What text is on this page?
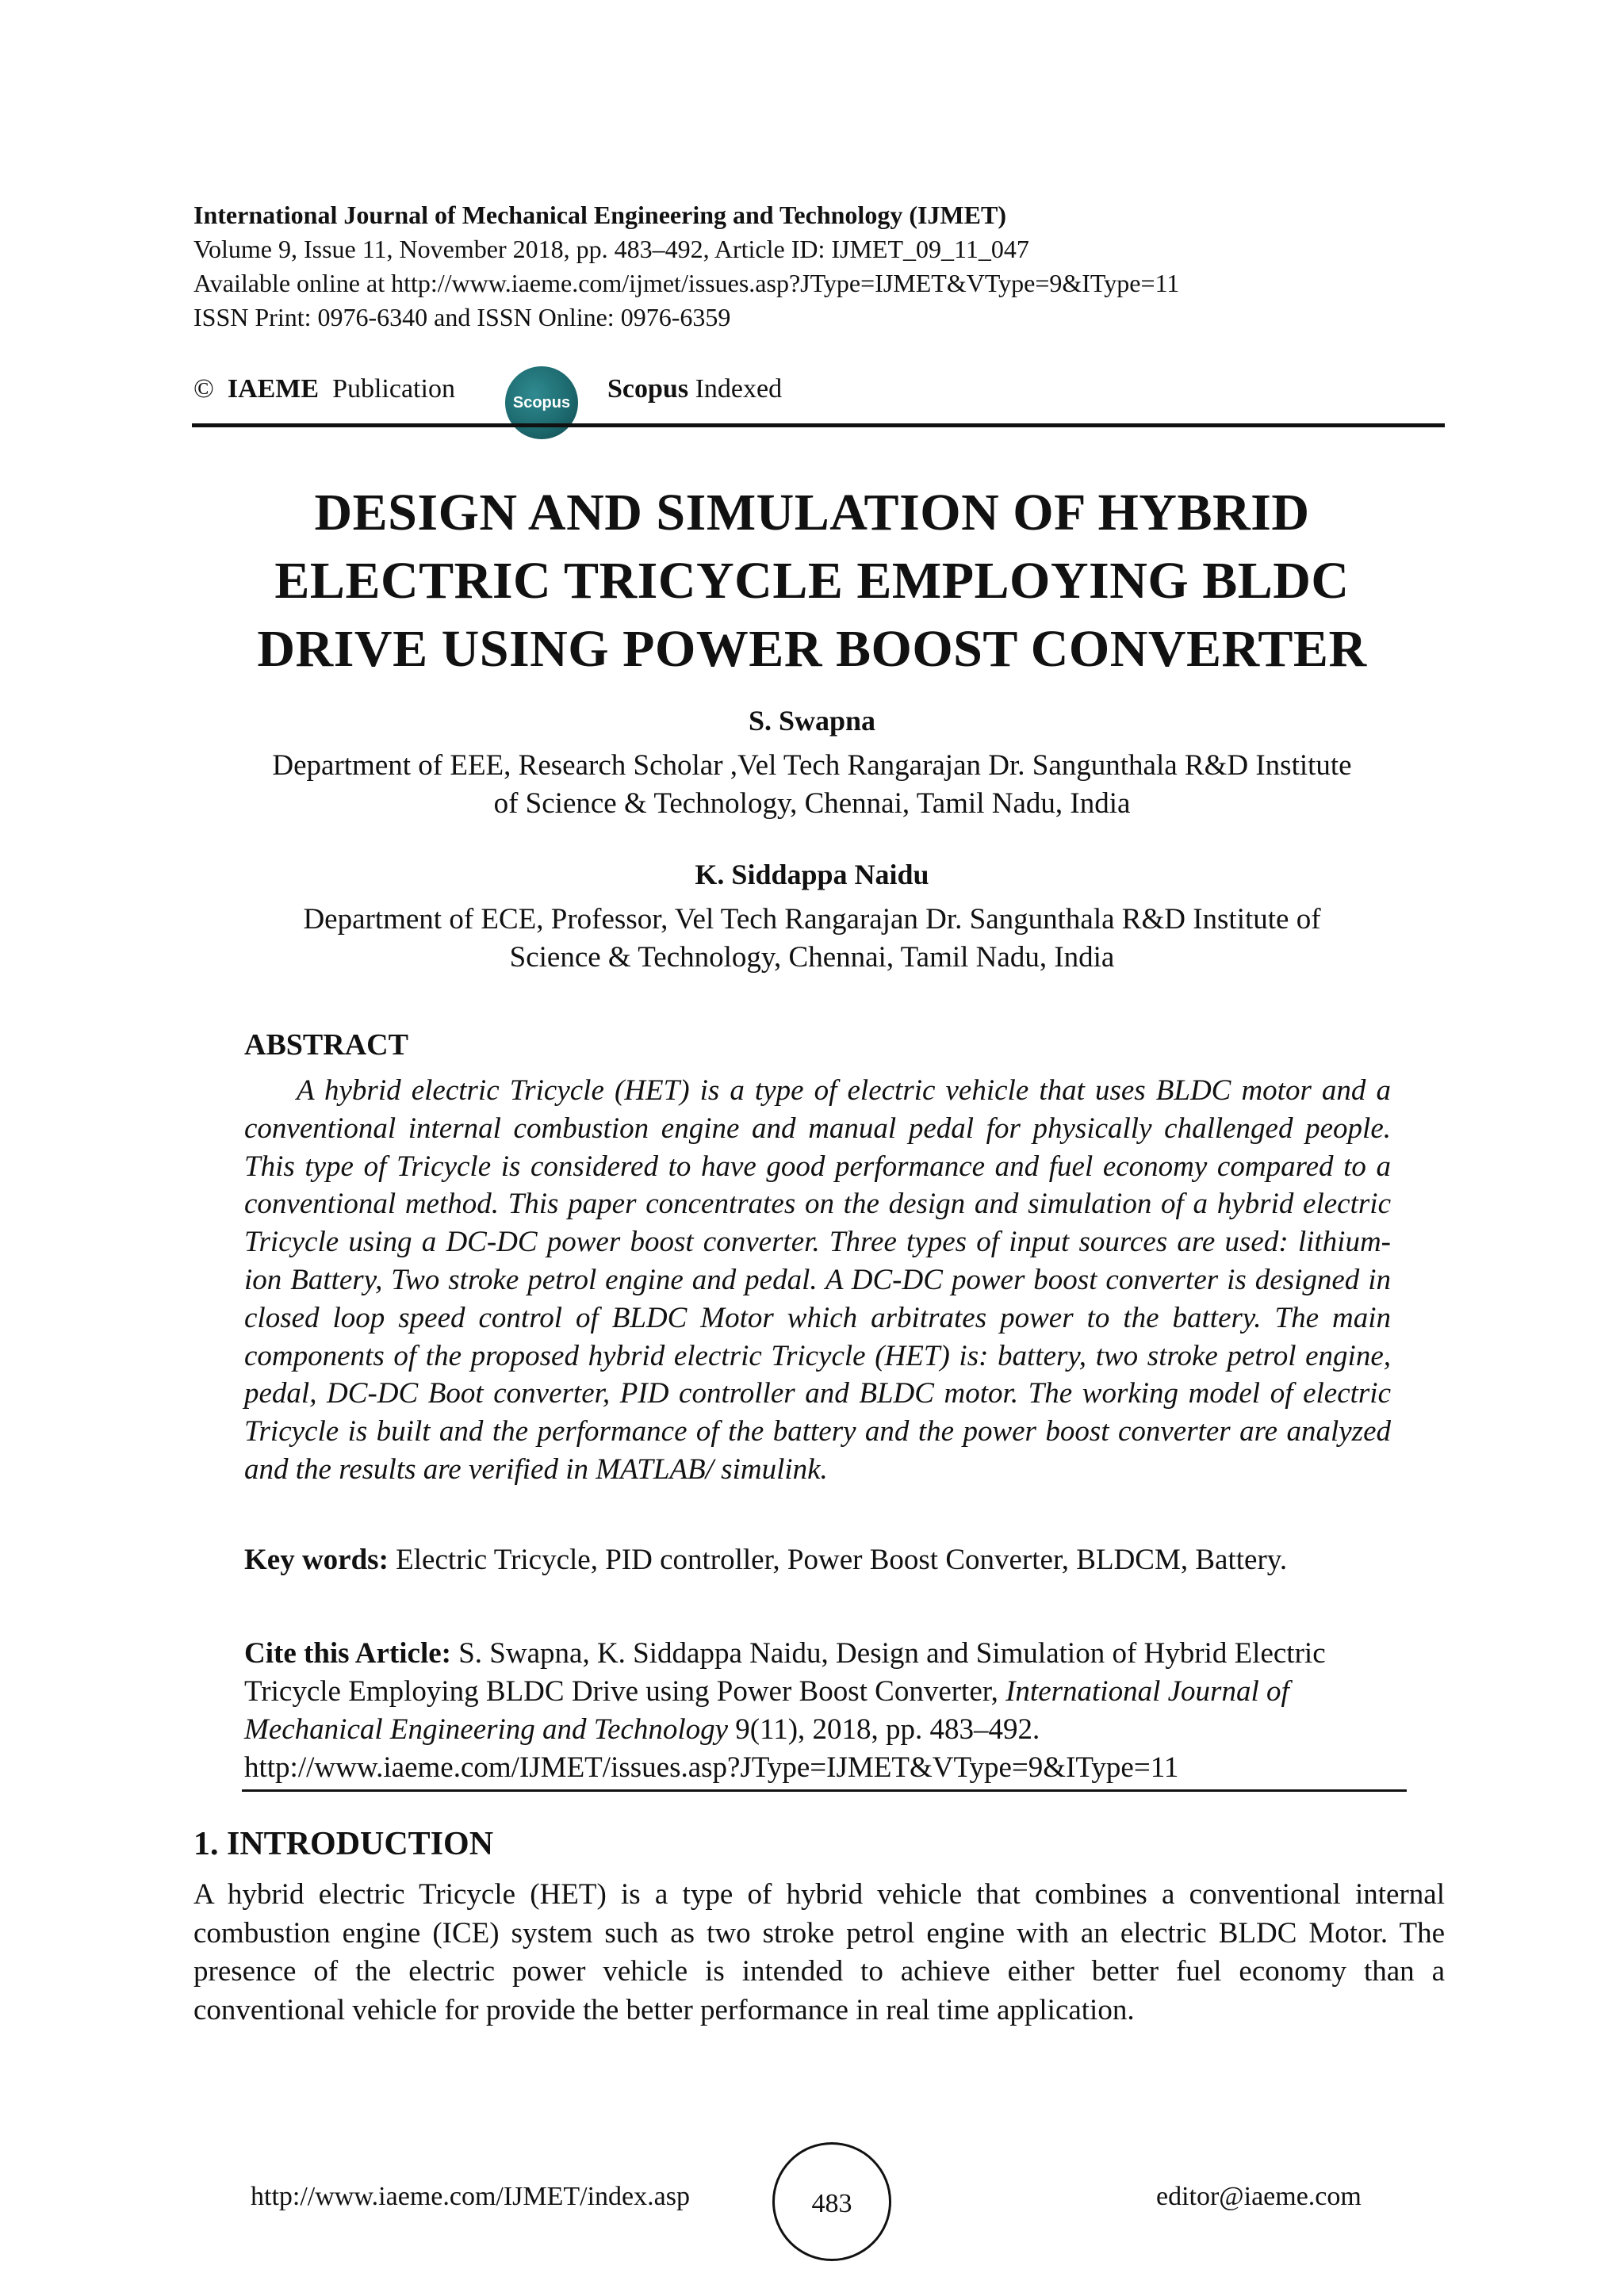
International Journal of Mechanical Engineering and Technology (IJMET)
Volume 9, Issue 11, November 2018, pp. 483–492, Article ID: IJMET_09_11_047
Available online at http://www.iaeme.com/ijmet/issues.asp?JType=IJMET&VType=9&IType=11
ISSN Print: 0976-6340 and ISSN Online: 0976-6359
© IAEME Publication	Scopus Scopus Indexed
DESIGN AND SIMULATION OF HYBRID
ELECTRIC TRICYCLE EMPLOYING BLDC
DRIVE USING POWER BOOST CONVERTER
S. Swapna
Department of EEE, Research Scholar ,Vel Tech Rangarajan Dr. Sangunthala R&D Institute
of Science & Technology, Chennai, Tamil Nadu, India
K. Siddappa Naidu
Department of ECE, Professor, Vel Tech Rangarajan Dr. Sangunthala R&D Institute of
Science & Technology, Chennai, Tamil Nadu, India
ABSTRACT

A hybrid electric Tricycle (HET) is a type of electric vehicle that uses BLDC motor and a conventional internal combustion engine and manual pedal for physically challenged people. This type of Tricycle is considered to have good performance and fuel economy compared to a conventional method. This paper concentrates on the design and simulation of a hybrid electric Tricycle using a DC-DC power boost converter. Three types of input sources are used: lithium-ion Battery, Two stroke petrol engine and pedal. A DC-DC power boost converter is designed in closed loop speed control of BLDC Motor which arbitrates power to the battery. The main components of the proposed hybrid electric Tricycle (HET) is: battery, two stroke petrol engine, pedal, DC-DC Boot converter, PID controller and BLDC motor. The working model of electric Tricycle is built and the performance of the battery and the power boost converter are analyzed and the results are verified in MATLAB/ simulink.

Key words: Electric Tricycle, PID controller, Power Boost Converter, BLDCM, Battery.
Cite this Article: S. Swapna, K. Siddappa Naidu, Design and Simulation of Hybrid Electric Tricycle Employing BLDC Drive using Power Boost Converter, International Journal of Mechanical Engineering and Technology 9(11), 2018, pp. 483–492.
http://www.iaeme.com/IJMET/issues.asp?JType=IJMET&VType=9&IType=11
1. INTRODUCTION

A hybrid electric Tricycle (HET) is a type of hybrid vehicle that combines a conventional internal combustion engine (ICE) system such as two stroke petrol engine with an electric BLDC Motor. The presence of the electric power vehicle is intended to achieve either better fuel economy than a conventional vehicle for provide the better performance in real time application.

http://www.iaeme.com/IJMET/index.asp	483	editor@iaeme.com
